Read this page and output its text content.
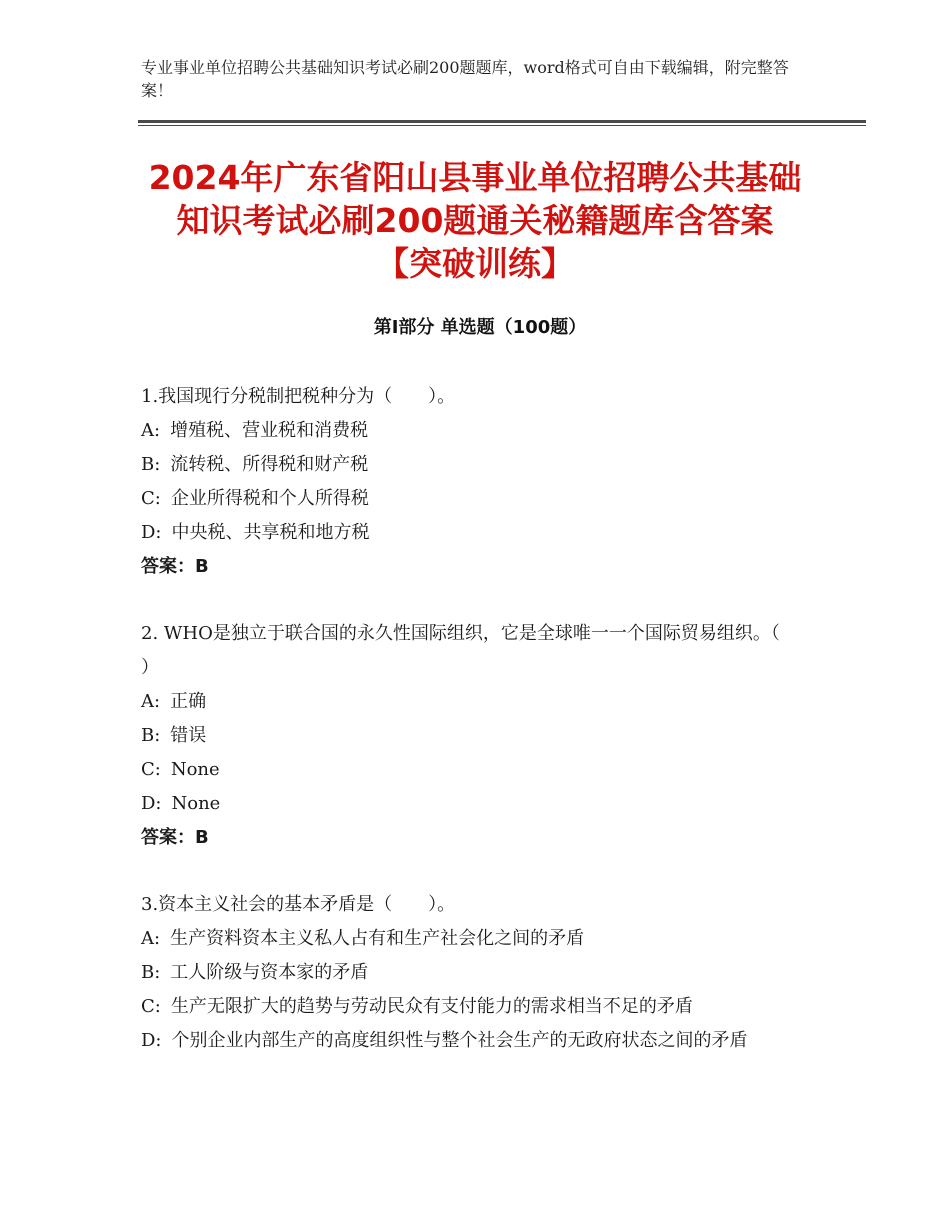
专业事业单位招聘公共基础知识考试必刷200题题库，word格式可自由下载编辑，附完整答案！
2024年广东省阳山县事业单位招聘公共基础
知识考试必刷200题通关秘籍题库含答案
【突破训练】
第Ⅰ部分 单选题（100题）
1.我国现行分税制把税种分为（　　）。
A: 增殖税、营业税和消费税
B: 流转税、所得税和财产税
C: 企业所得税和个人所得税
D: 中央税、共享税和地方税
答案：B
2. WHO是独立于联合国的永久性国际组织，它是全球唯一一个国际贸易组织。（　 ）
A: 正确
B: 错误
C: None
D: None
答案：B
3.资本主义社会的基本矛盾是（　　）。
A: 生产资料资本主义私人占有和生产社会化之间的矛盾
B: 工人阶级与资本家的矛盾
C: 生产无限扩大的趋势与劳动民众有支付能力的需求相当不足的矛盾
D: 个别企业内部生产的高度组织性与整个社会生产的无政府状态之间的矛盾
